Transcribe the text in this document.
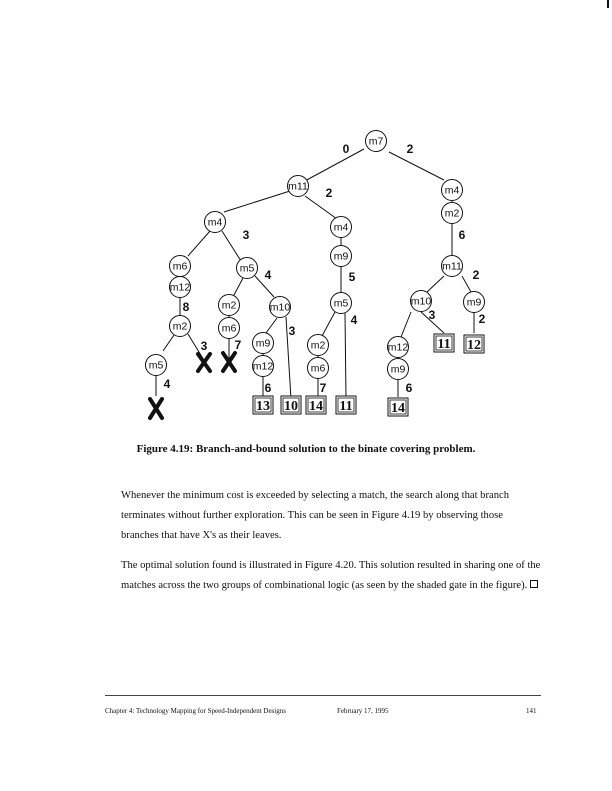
m7
m11	m4
m2
m11
m10	m9
m12
m9
m4
m6
m12
m2
m5
m5
m2
m6
m10
m9
m12
m4
m9
m5
m2
m6
11 12
14
13 10 14 11
0	2
2
6
2
3	2
6
3
8
4
3 7
4
3
6
5
4
7
Figure 4.19: Branch-and-bound solution to the binate covering problem.
Whenever the minimum cost is exceeded by selecting a match, the search along that branch terminates without further exploration. This can be seen in Figure 4.19 by observing those branches that have X's as their leaves.
The optimal solution found is illustrated in Figure 4.20. This solution resulted in sharing one of the matches across the two groups of combinational logic (as seen by the shaded gate in the figure).
Chapter 4: Technology Mapping for Speed-Independent Designs	February 17, 1995	141
